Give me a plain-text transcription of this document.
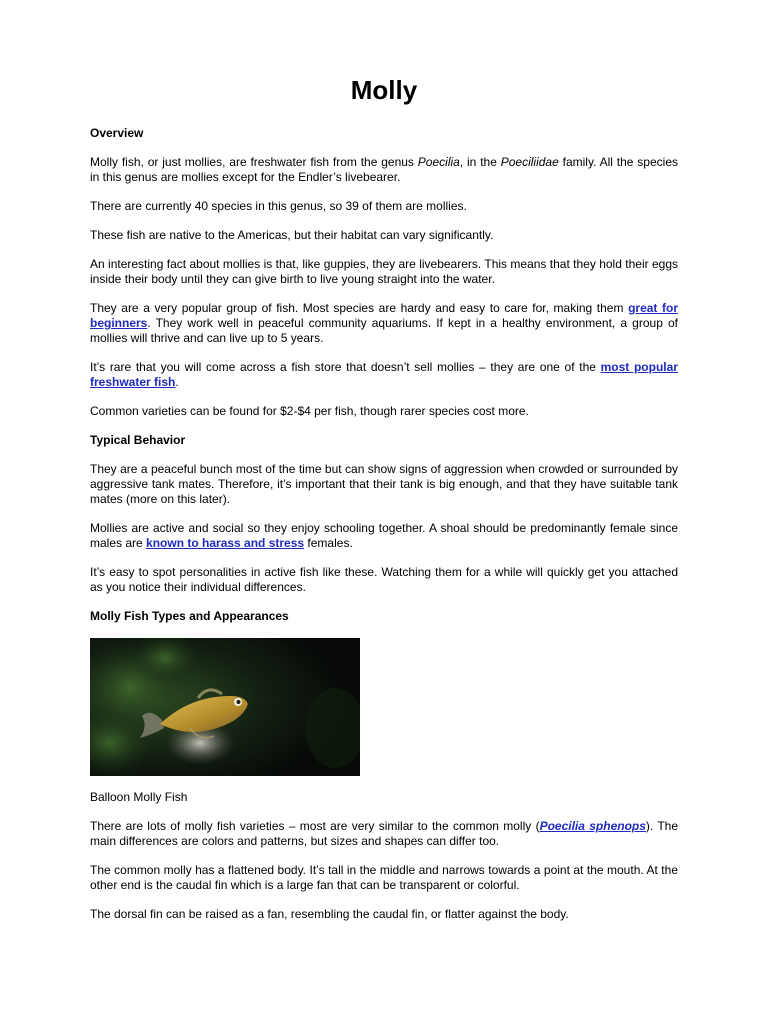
Molly
Overview

Molly fish, or just mollies, are freshwater fish from the genus Poecilia, in the Poeciliidae family. All the species in this genus are mollies except for the Endler’s livebearer.

There are currently 40 species in this genus, so 39 of them are mollies.

These fish are native to the Americas, but their habitat can vary significantly.

An interesting fact about mollies is that, like guppies, they are livebearers. This means that they hold their eggs inside their body until they can give birth to live young straight into the water.

They are a very popular group of fish. Most species are hardy and easy to care for, making them great for beginners. They work well in peaceful community aquariums. If kept in a healthy environment, a group of mollies will thrive and can live up to 5 years.

It’s rare that you will come across a fish store that doesn’t sell mollies – they are one of the most popular freshwater fish.

Common varieties can be found for $2-$4 per fish, though rarer species cost more.

Typical Behavior

They are a peaceful bunch most of the time but can show signs of aggression when crowded or surrounded by aggressive tank mates. Therefore, it’s important that their tank is big enough, and that they have suitable tank mates (more on this later).

Mollies are active and social so they enjoy schooling together. A shoal should be predominantly female since males are known to harass and stress females.

It’s easy to spot personalities in active fish like these. Watching them for a while will quickly get you attached as you notice their individual differences.

Molly Fish Types and Appearances

Balloon Molly Fish

There are lots of molly fish varieties – most are very similar to the common molly (Poecilia sphenops). The main differences are colors and patterns, but sizes and shapes can differ too.

The common molly has a flattened body. It’s tall in the middle and narrows towards a point at the mouth. At the other end is the caudal fin which is a large fan that can be transparent or colorful.

The dorsal fin can be raised as a fan, resembling the caudal fin, or flatter against the body.
